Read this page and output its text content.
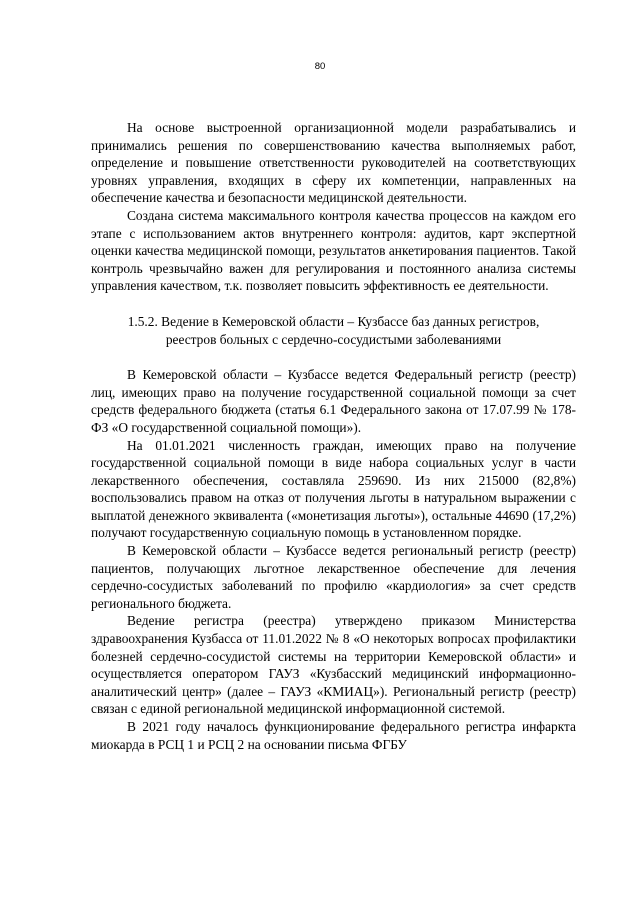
80

На основе выстроенной организационной модели разрабатывались и принимались решения по совершенствованию качества выполняемых работ, определение и повышение ответственности руководителей на соответствующих уровнях управления, входящих в сферу их компетенции, направленных на обеспечение качества и безопасности медицинской деятельности.

Создана система максимального контроля качества процессов на каждом его этапе с использованием актов внутреннего контроля: аудитов, карт экспертной оценки качества медицинской помощи, результатов анкетирования пациентов. Такой контроль чрезвычайно важен для регулирования и постоянного анализа системы управления качеством, т.к. позволяет повысить эффективность ее деятельности.

1.5.2. Ведение в Кемеровской области – Кузбассе баз данных регистров,
реестров больных с сердечно-сосудистыми заболеваниями

В Кемеровской области – Кузбассе ведется Федеральный регистр (реестр) лиц, имеющих право на получение государственной социальной помощи за счет средств федерального бюджета (статья 6.1 Федерального закона от 17.07.99 № 178-ФЗ «О государственной социальной помощи»).

На 01.01.2021 численность граждан, имеющих право на получение государственной социальной помощи в виде набора социальных услуг в части лекарственного обеспечения, составляла 259690. Из них 215000 (82,8%) воспользовались правом на отказ от получения льготы в натуральном выражении с выплатой денежного эквивалента («монетизация льготы»), остальные 44690 (17,2%) получают государственную социальную помощь в установленном порядке.

В Кемеровской области – Кузбассе ведется региональный регистр (реестр) пациентов, получающих льготное лекарственное обеспечение для лечения сердечно-сосудистых заболеваний по профилю «кардиология» за счет средств регионального бюджета.

Ведение регистра (реестра) утверждено приказом Министерства здравоохранения Кузбасса от 11.01.2022 № 8 «О некоторых вопросах профилактики болезней сердечно-сосудистой системы на территории Кемеровской области» и осуществляется оператором ГАУЗ «Кузбасский медицинский информационно-аналитический центр» (далее – ГАУЗ «КМИАЦ»). Региональный регистр (реестр) связан с единой региональной медицинской информационной системой.

В 2021 году началось функционирование федерального регистра инфаркта миокарда в РСЦ 1 и РСЦ 2 на основании письма ФГБУ
